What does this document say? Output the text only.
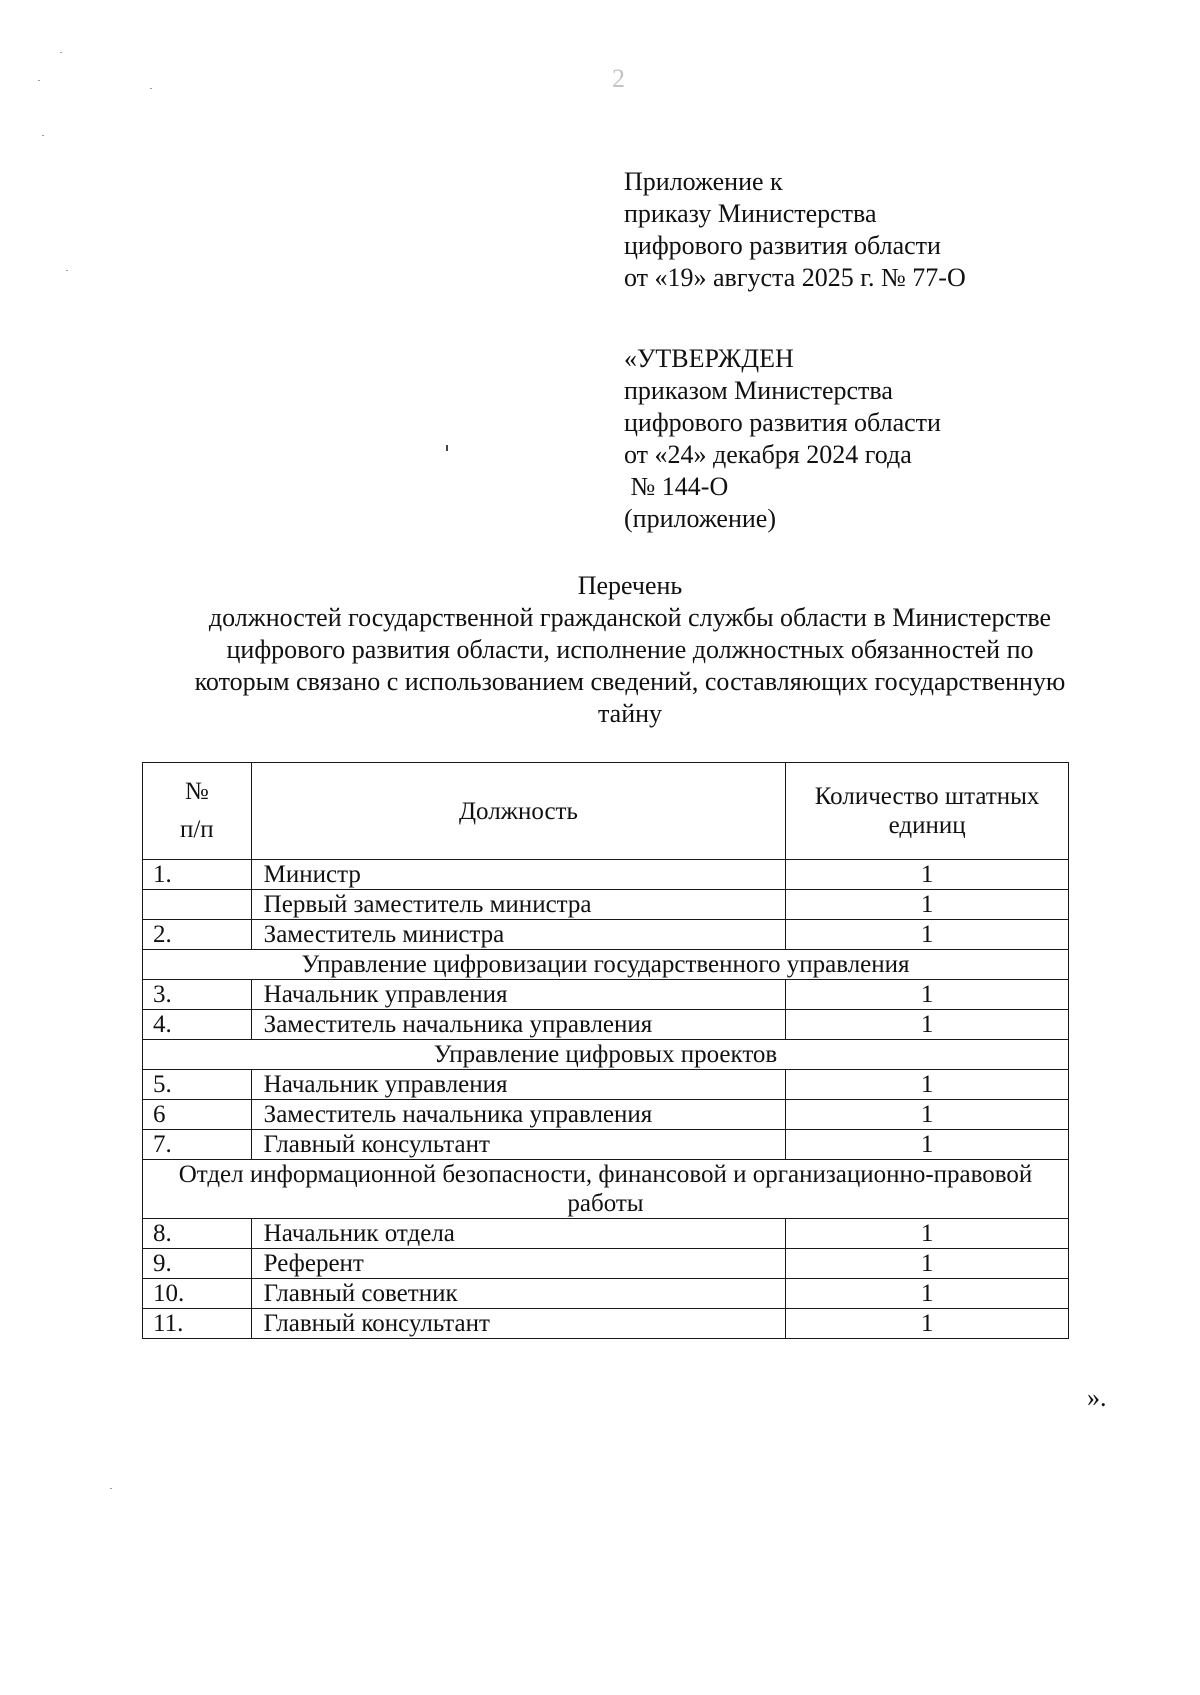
2
Приложение к
приказу Министерства
цифрового развития области
от «19» августа 2025 г. № 77-О
«УТВЕРЖДЕН
приказом Министерства
цифрового развития области
от «24» декабря 2024 года
№ 144-О
(приложение)
Перечень
должностей государственной гражданской службы области в Министерстве
цифрового развития области, исполнение должностных обязанностей по
которым связано с использованием сведений, составляющих государственную
тайну
№
п/п	Должность	Количество штатных единиц
1.	Министр	1
	Первый заместитель министра	1
2.	Заместитель министра	1
Управление цифровизации государственного управления		
3.	Начальник управления	1
4.	Заместитель начальника управления	1
Управление цифровых проектов		
5.	Начальник управления	1
6	Заместитель начальника управления	1
7.	Главный консультант	1
Отдел информационной безопасности, финансовой и организационно-правовой работы		
8.	Начальник отдела	1
9.	Референт	1
10.	Главный советник	1
11.	Главный консультант	1
».
